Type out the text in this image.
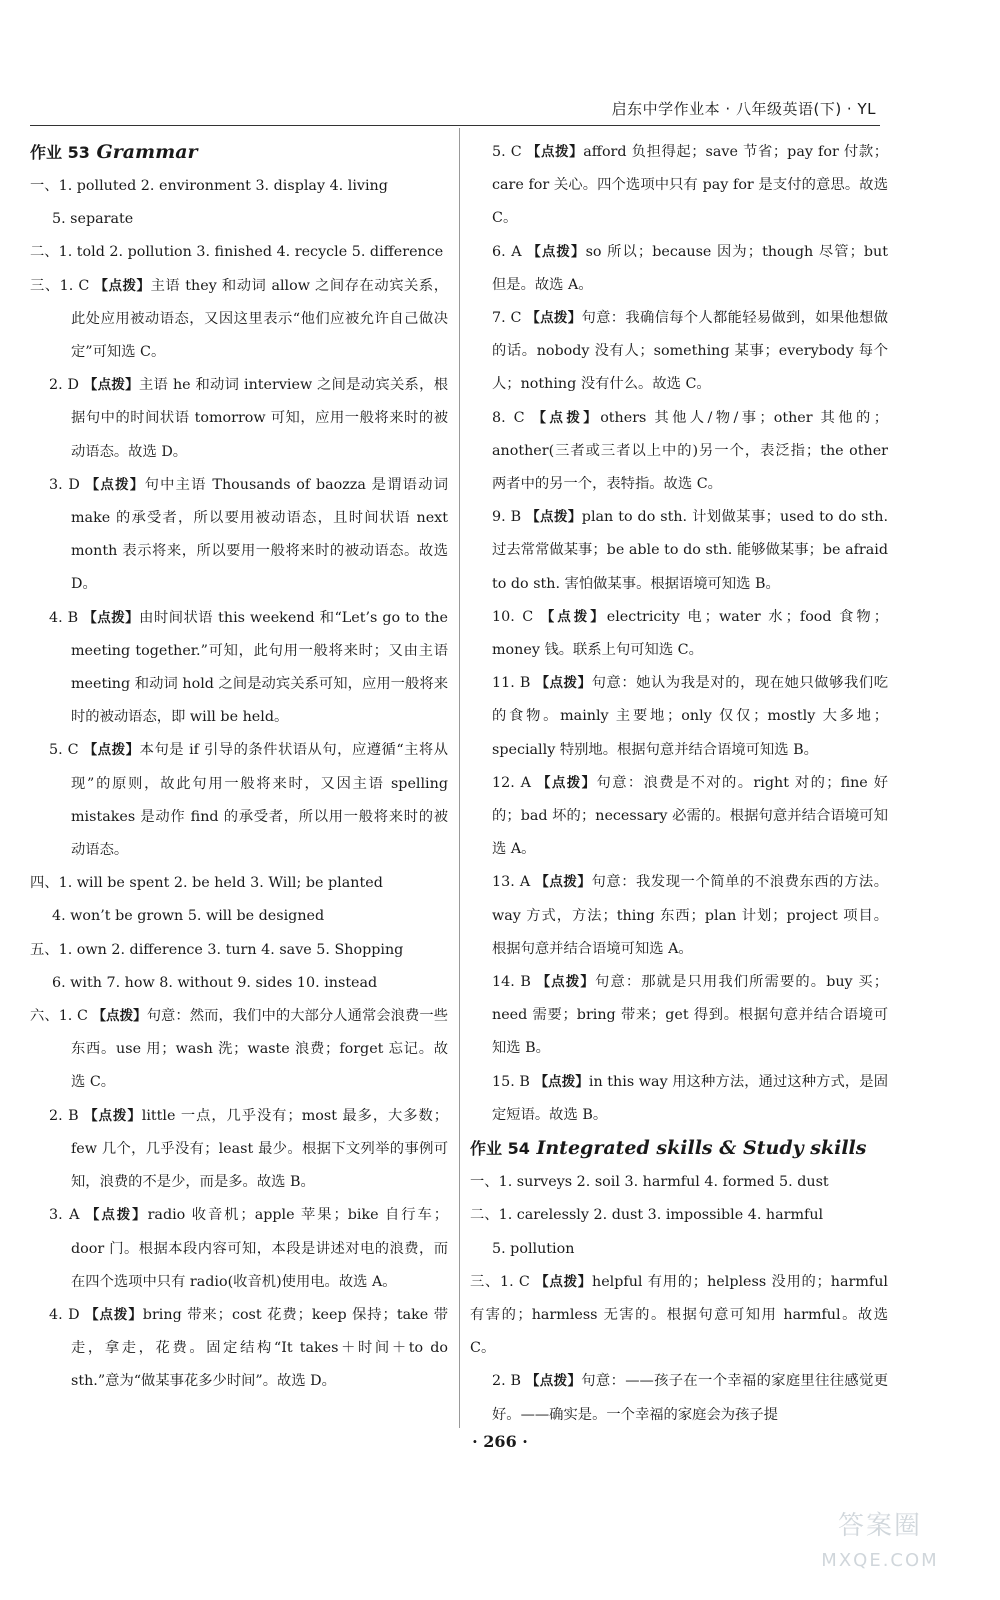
启东中学作业本 · 八年级英语(下) · YL
作业 53 Grammar

一、1. polluted 2. environment 3. display 4. living

5. separate

二、1. told 2. pollution 3. finished 4. recycle 5. difference

三、1. C 【点拨】主语 they 和动词 allow 之间存在动宾关系，此处应用被动语态，又因这里表示“他们应被允许自己做决定”可知选 C。

2. D 【点拨】主语 he 和动词 interview 之间是动宾关系，根据句中的时间状语 tomorrow 可知，应用一般将来时的被动语态。故选 D。

3. D 【点拨】句中主语 Thousands of baozza 是谓语动词 make 的承受者，所以要用被动语态，且时间状语 next month 表示将来，所以要用一般将来时的被动语态。故选 D。

4. B 【点拨】由时间状语 this weekend 和“Let’s go to the meeting together.”可知，此句用一般将来时；又由主语 meeting 和动词 hold 之间是动宾关系可知，应用一般将来时的被动语态，即 will be held。

5. C 【点拨】本句是 if 引导的条件状语从句，应遵循“主将从现”的原则，故此句用一般将来时，又因主语 spelling mistakes 是动作 find 的承受者，所以用一般将来时的被动语态。

四、1. will be spent 2. be held 3. Will; be planted

4. won’t be grown 5. will be designed

五、1. own 2. difference 3. turn 4. save 5. Shopping

6. with 7. how 8. without 9. sides 10. instead

六、1. C 【点拨】句意：然而，我们中的大部分人通常会浪费一些东西。use 用；wash 洗；waste 浪费；forget 忘记。故选 C。

2. B 【点拨】little 一点，几乎没有；most 最多，大多数；few 几个，几乎没有；least 最少。根据下文列举的事例可知，浪费的不是少，而是多。故选 B。

3. A 【点拨】radio 收音机；apple 苹果；bike 自行车；door 门。根据本段内容可知，本段是讲述对电的浪费，而在四个选项中只有 radio(收音机)使用电。故选 A。

4. D 【点拨】bring 带来；cost 花费；keep 保持；take 带走，拿走，花费。固定结构“It takes＋时间＋to do sth.”意为“做某事花多少时间”。故选 D。

5. C 【点拨】afford 负担得起；save 节省；pay for 付款；care for 关心。四个选项中只有 pay for 是支付的意思。故选 C。

6. A 【点拨】so 所以；because 因为；though 尽管；but 但是。故选 A。

7. C 【点拨】句意：我确信每个人都能轻易做到，如果他想做的话。nobody 没有人；something 某事；everybody 每个人；nothing 没有什么。故选 C。

8. C 【点拨】others 其他人/物/事；other 其他的；another(三者或三者以上中的)另一个，表泛指；the other 两者中的另一个，表特指。故选 C。

9. B 【点拨】plan to do sth. 计划做某事；used to do sth. 过去常常做某事；be able to do sth. 能够做某事；be afraid to do sth. 害怕做某事。根据语境可知选 B。

10. C 【点拨】electricity 电；water 水；food 食物；money 钱。联系上句可知选 C。

11. B 【点拨】句意：她认为我是对的，现在她只做够我们吃的食物。mainly 主要地；only 仅仅；mostly 大多地；specially 特别地。根据句意并结合语境可知选 B。

12. A 【点拨】句意：浪费是不对的。right 对的；fine 好的；bad 坏的；necessary 必需的。根据句意并结合语境可知选 A。

13. A 【点拨】句意：我发现一个简单的不浪费东西的方法。way 方式，方法；thing 东西；plan 计划；project 项目。根据句意并结合语境可知选 A。

14. B 【点拨】句意：那就是只用我们所需要的。buy 买；need 需要；bring 带来；get 得到。根据句意并结合语境可知选 B。

15. B 【点拨】in this way 用这种方法，通过这种方式，是固定短语。故选 B。

作业 54 Integrated skills & Study skills

一、1. surveys 2. soil 3. harmful 4. formed 5. dust

二、1. carelessly 2. dust 3. impossible 4. harmful

5. pollution

三、1. C 【点拨】helpful 有用的；helpless 没用的；harmful 有害的；harmless 无害的。根据句意可知用 harmful。故选 C。

2. B 【点拨】句意：——孩子在一个幸福的家庭里往往感觉更好。——确实是。一个幸福的家庭会为孩子提

· 266 ·
答案圈
MXQE.COM
